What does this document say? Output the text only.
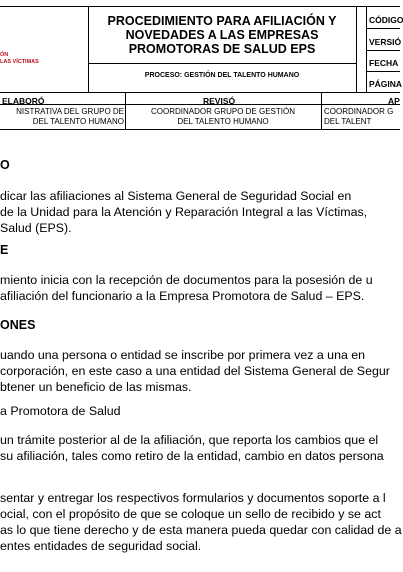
ÓN
LAS VÍCTIMAS
PROCEDIMIENTO PARA AFILIACIÓN Y
NOVEDADES A LAS EMPRESAS
PROMOTORAS DE SALUD EPS
PROCESO: GESTIÓN DEL TALENTO HUMANO
CÓDIGO
VERSIÓ
FECHA
PÁGINA
ELABORÓ	REVISÓ	AP
NISTRATIVA DEL GRUPO DE
DEL TALENTO HUMANO
COORDINADOR GRUPO DE GESTIÓN
DEL TALENTO HUMANO
COORDINADOR G
DEL TALENT
O
dicar las afiliaciones al Sistema General de Seguridad Social en
de la Unidad para la Atención y Reparación Integral a las Víctimas,
Salud (EPS).
E
miento inicia con la recepción de documentos para la posesión de u
afiliación del funcionario a la Empresa Promotora de Salud – EPS.
ONES
uando una persona o entidad se inscribe por primera vez a una en
corporación, en este caso a una entidad del Sistema General de Segur
btener un beneficio de las mismas.
a Promotora de Salud
un trámite posterior al de la afiliación, que reporta los cambios que el
su afiliación, tales como retiro de la entidad, cambio en datos persona
sentar y entregar los respectivos formularios y documentos soporte a l
ocial, con el propósito de que se coloque un sello de recibido y se act
as lo que tiene derecho y de esta manera pueda quedar con calidad de a
entes entidades de seguridad social.
